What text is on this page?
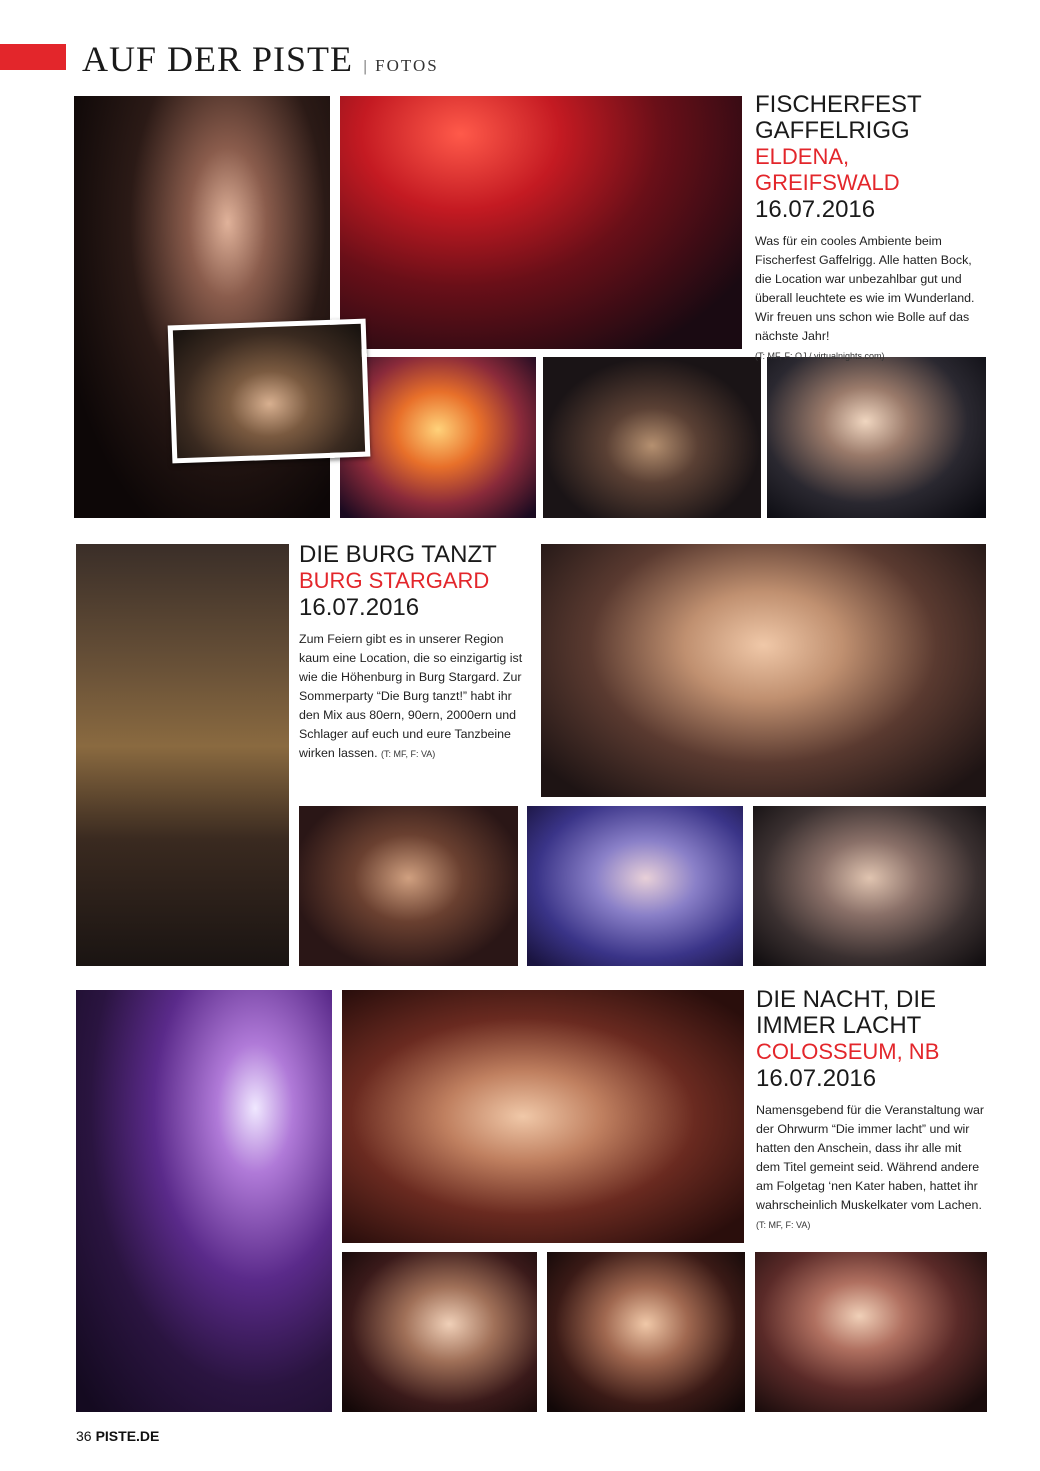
AUF DER PISTE | FOTOS
FISCHERFEST
GAFFELRIGG
ELDENA, GREIFSWALD
16.07.2016
Was für ein cooles Ambiente beim Fischerfest Gaffelrigg. Alle hatten Bock, die Location war unbezahlbar gut und überall leuchtete es wie im Wunderland. Wir freuen uns schon wie Bolle auf das nächste Jahr!
(T: MF, F: OJ / virtualnights.com)
DIE BURG TANZT
BURG STARGARD
16.07.2016
Zum Feiern gibt es in unserer Region kaum eine Location, die so einzigartig ist wie die Höhenburg in Burg Stargard. Zur Sommerparty “Die Burg tanzt!” habt ihr den Mix aus 80ern, 90ern, 2000ern und Schlager auf euch und eure Tanzbeine wirken lassen. (T: MF, F: VA)
DIE NACHT, DIE
IMMER LACHT
COLOSSEUM, NB
16.07.2016
Namensgebend für die Veranstaltung war der Ohrwurm “Die immer lacht” und wir hatten den Anschein, dass ihr alle mit dem Titel gemeint seid. Während andere am Folgetag ‘nen Kater haben, hattet ihr wahrscheinlich Muskelkater vom Lachen. (T: MF, F: VA)
36 PISTE.DE
